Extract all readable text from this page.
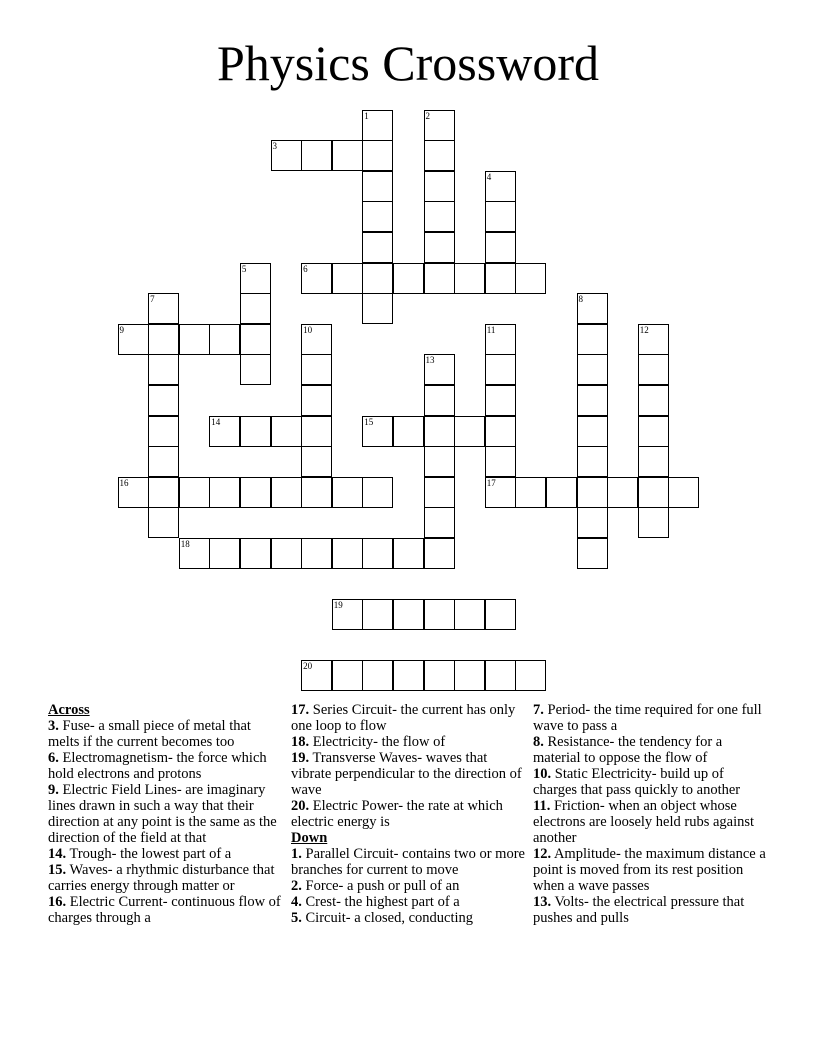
Physics Crossword
1	2
3
4
5	6
7	8
9	10	11
17
12
13
14	15
16
18
19
20
Across
3. Fuse- a small piece of metal that melts if the current becomes too
6. Electromagnetism- the force which hold electrons and protons
9. Electric Field Lines- are imaginary lines drawn in such a way that their direction at any point is the same as the direction of the field at that
14. Trough- the lowest part of a
15. Waves- a rhythmic disturbance that carries energy through matter or
16. Electric Current- continuous flow of charges through a
17. Series Circuit- the current has only one loop to flow
18. Electricity- the flow of
19. Transverse Waves- waves that vibrate perpendicular to the direction of wave
20. Electric Power- the rate at which electric energy is
Down
1. Parallel Circuit- contains two or more branches for current to move
2. Force- a push or pull of an
4. Crest- the highest part of a
5. Circuit- a closed, conducting
7. Period- the time required for one full wave to pass a
8. Resistance- the tendency for a material to oppose the flow of
10. Static Electricity- build up of charges that pass quickly to another
11. Friction- when an object whose electrons are loosely held rubs against another
12. Amplitude- the maximum distance a point is moved from its rest position when a wave passes
13. Volts- the electrical pressure that pushes and pulls
